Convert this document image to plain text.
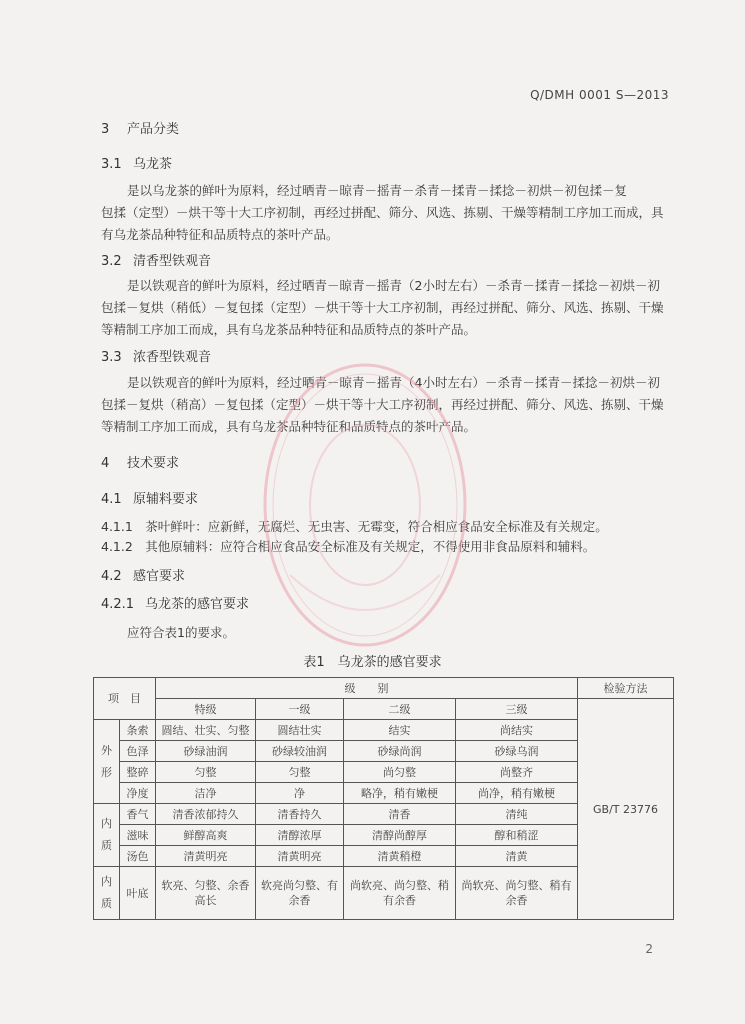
Q/DMH 0001 S—2013
3 产品分类
3.1 乌龙茶
是以乌龙茶的鲜叶为原料，经过晒青－晾青－摇青－杀青－揉青－揉捻－初烘－初包揉－复
包揉（定型）－烘干等十大工序初制，再经过拼配、筛分、风选、拣剔、干燥等精制工序加工而成，具
有乌龙茶品种特征和品质特点的茶叶产品。
3.2 清香型铁观音
是以铁观音的鲜叶为原料，经过晒青－晾青－摇青（2小时左右）－杀青－揉青－揉捻－初烘－初
包揉－复烘（稍低）－复包揉（定型）－烘干等十大工序初制，再经过拼配、筛分、风选、拣剔、干燥
等精制工序加工而成，具有乌龙茶品种特征和品质特点的茶叶产品。
3.3 浓香型铁观音
是以铁观音的鲜叶为原料，经过晒青－晾青－摇青（4小时左右）－杀青－揉青－揉捻－初烘－初
包揉－复烘（稍高）－复包揉（定型）－烘干等十大工序初制，再经过拼配、筛分、风选、拣剔、干燥
等精制工序加工而成，具有乌龙茶品种特征和品质特点的茶叶产品。
4 技术要求
4.1 原辅料要求
4.1.1　茶叶鲜叶：应新鲜，无腐烂、无虫害、无霉变，符合相应食品安全标准及有关规定。
4.1.2　其他原辅料：应符合相应食品安全标准及有关规定，不得使用非食品原料和辅料。
4.2 感官要求
4.2.1 乌龙茶的感官要求
应符合表1的要求。
表1　乌龙茶的感官要求
项　目		级　　别				检验方法
		特级	一级	二级	三级	GB/T 23776

外
形	条索	圆结、壮实、匀整	圆结壮实	结实	尚结实	
	色泽	砂绿油润	砂绿较油润	砂绿尚润	砂绿乌润	
	整碎	匀整	匀整	尚匀整	尚整齐	
	净度	洁净	净	略净，稍有嫩梗	尚净，稍有嫩梗	

内
质	香气	清香浓郁持久	清香持久	清香	清纯	
	滋味	鲜醇高爽	清醇浓厚	清醇尚醇厚	醇和稍涩	
	汤色	清黄明亮	清黄明亮	清黄稍橙	清黄	

内
质	叶底	软亮、匀整、余香高长	软亮尚匀整、有余香	尚软亮、尚匀整、稍有余香	尚软亮、尚匀整、稍有余香	
2
